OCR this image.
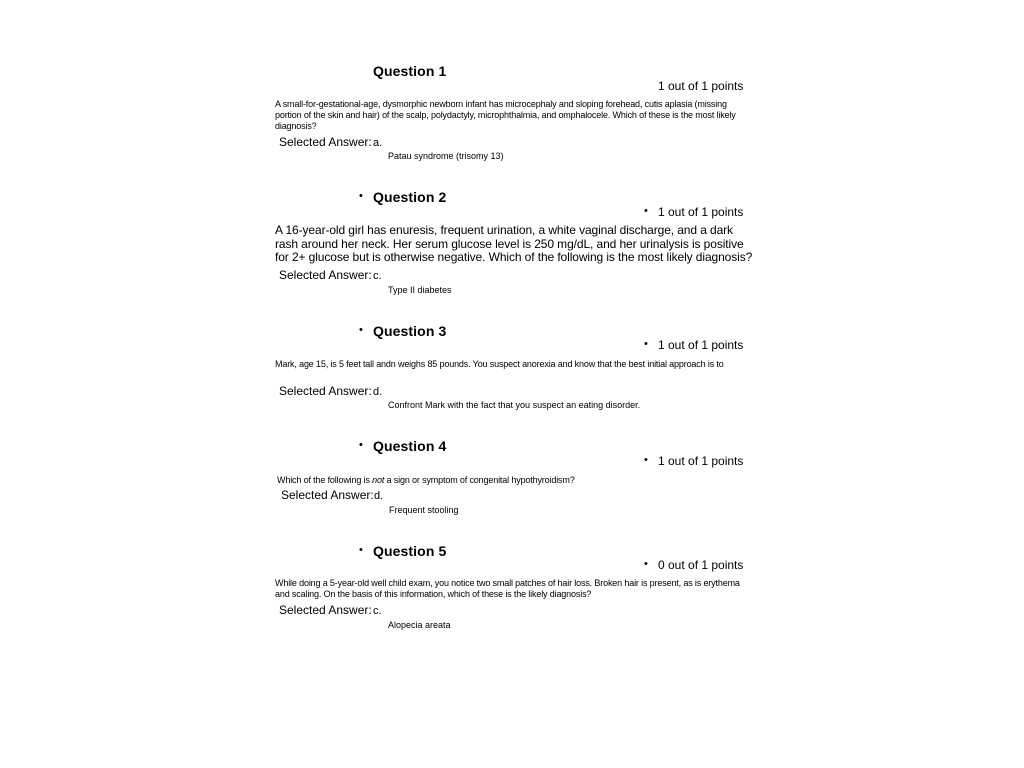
Question 1
1 out of 1 points
A small-for-gestational-age, dysmorphic newborn infant has microcephaly and sloping forehead, cutis aplasia (missing portion of the skin and hair) of the scalp, polydactyly, microphthalmia, and omphalocele. Which of these is the most likely diagnosis?
Selected Answer: a.
Patau syndrome (trisomy 13)
• Question 2
• 1 out of 1 points
A 16-year-old girl has enuresis, frequent urination, a white vaginal discharge, and a dark rash around her neck. Her serum glucose level is 250 mg/dL, and her urinalysis is positive for 2+ glucose but is otherwise negative. Which of the following is the most likely diagnosis?
Selected Answer: c.
Type II diabetes
• Question 3
• 1 out of 1 points
Mark, age 15, is 5 feet tall andn weighs 85 pounds. You suspect anorexia and know that the best initial approach is to
Selected Answer: d.
Confront Mark with the fact that you suspect an eating disorder.
• Question 4
• 1 out of 1 points
Which of the following is not a sign or symptom of congenital hypothyroidism?
Selected Answer: d.
Frequent stooling
• Question 5
• 0 out of 1 points
While doing a 5-year-old well child exam, you notice two small patches of hair loss. Broken hair is present, as is erythema and scaling. On the basis of this information, which of these is the likely diagnosis?
Selected Answer: c.
Alopecia areata
